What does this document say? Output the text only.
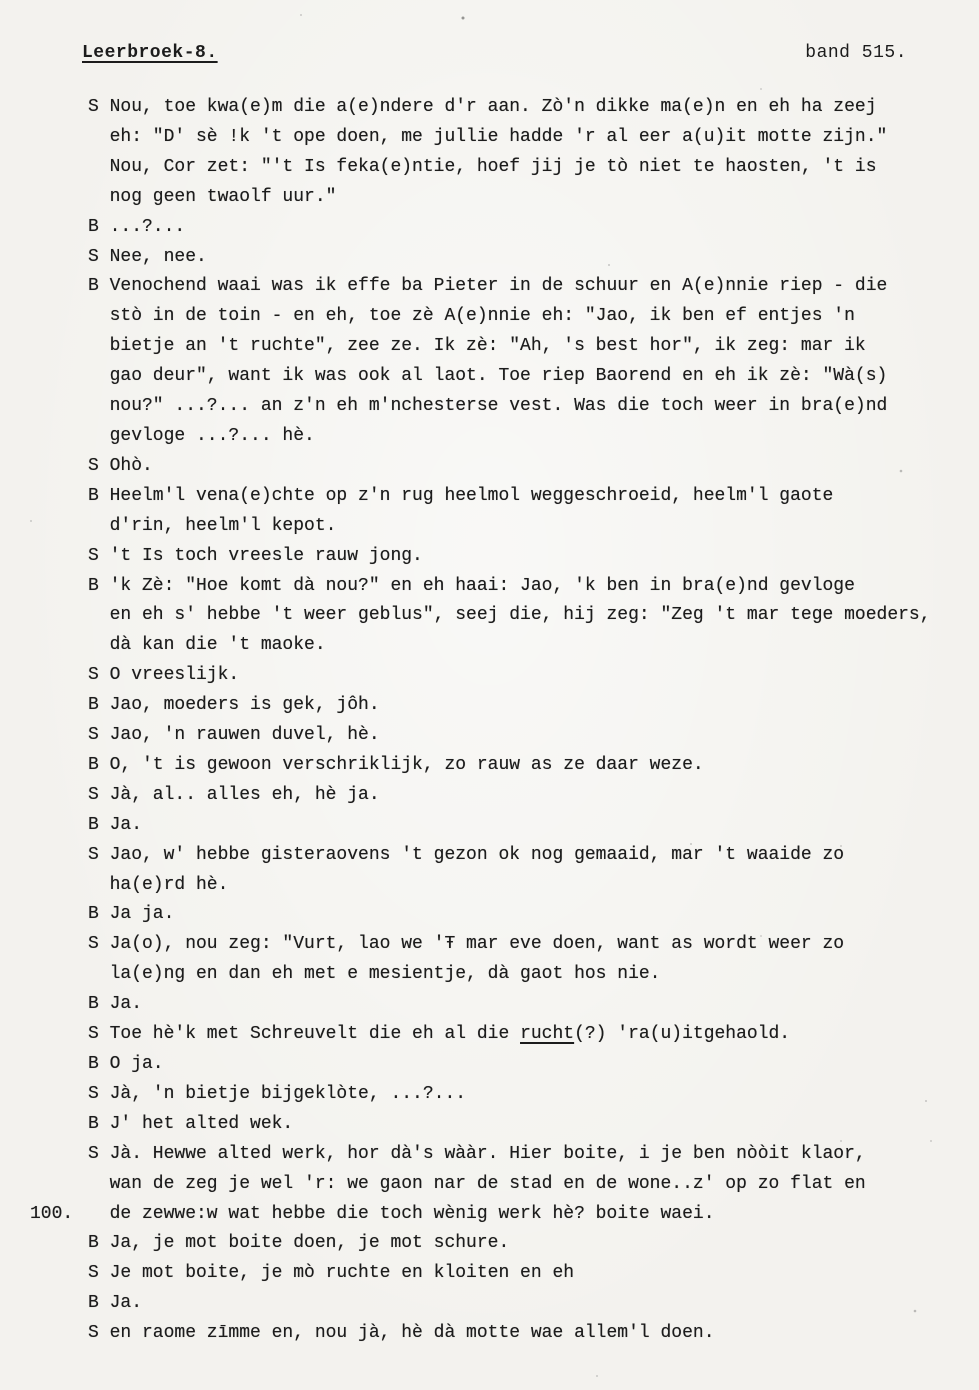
Leerbroek-8.	band 515.
S Nou, toe kwa(e)m die a(e)ndere d'r aan. Zò'n dikke ma(e)n en eh ha zeej
eh: "D' sè !k 't ope doen, me jullie hadde 'r al eer a(u)it motte zijn."
Nou, Cor zet: "'t Is feka(e)ntie, hoef jij je tò niet te haosten, 't is
nog geen twaolf uur."
B ...?...
S Nee, nee.
B Venochend waai was ik effe ba Pieter in de schuur en A(e)nnie riep - die
stò in de toin - en eh, toe zè A(e)nnie eh: "Jao, ik ben ef entjes 'n
bietje an 't ruchte", zee ze. Ik zè: "Ah, 's best hor", ik zeg: mar ik
gao deur", want ik was ook al laot. Toe riep Baorend en eh ik zè: "Wà(s)
nou?" ...?... an z'n eh m'nchesterse vest. Was die toch weer in bra(e)nd
gevloge ...?... hè.
S Ohò.
B Heelm'l vena(e)chte op z'n rug heelmol weggeschroeid, heelm'l gaote
d'rin, heelm'l kepot.
S 't Is toch vreesle rauw jong.
B 'k Zè: "Hoe komt dà nou?" en eh haai: Jao, 'k ben in bra(e)nd gevloge
en eh s' hebbe 't weer geblus", seej die, hij zeg: "Zeg 't mar tege moeders,
dà kan die 't maoke.
S O vreeslijk.
B Jao, moeders is gek, jôh.
S Jao, 'n rauwen duvel, hè.
B O, 't is gewoon verschriklijk, zo rauw as ze daar weze.
S Jà, al.. alles eh, hè ja.
B Ja.
S Jao, w' hebbe gisteraovens 't gezon ok nog gemaaid, mar 't waaide zo
ha(e)rd hè.
B Ja ja.
S Ja(o), nou zeg: "Vurt, lao we 'Ŧ mar eve doen, want as wordt weer zo
la(e)ng en dan eh met e mesientje, dà gaot hos nie.
B Ja.
S Toe hè'k met Schreuvelt die eh al die rucht(?) 'ra(u)itgehaold.
B O ja.
S Jà, 'n bietje bijgeklòte, ...?...
B J' het alted wek.
S Jà. Hewwe alted werk, hor dà's wààr. Hier boite, i je ben nòòit klaor,
wan de zeg je wel 'r: we gaon nar de stad en de wone..z' op zo flat en
100. de zewwe:w wat hebbe die toch wènig werk hè? boite waei.
B Ja, je mot boite doen, je mot schure.
S Je mot boite, je mò ruchte en kloiten en eh
B Ja.
S en raome zīmme en, nou jà, hè dà motte wae allem'l doen.
